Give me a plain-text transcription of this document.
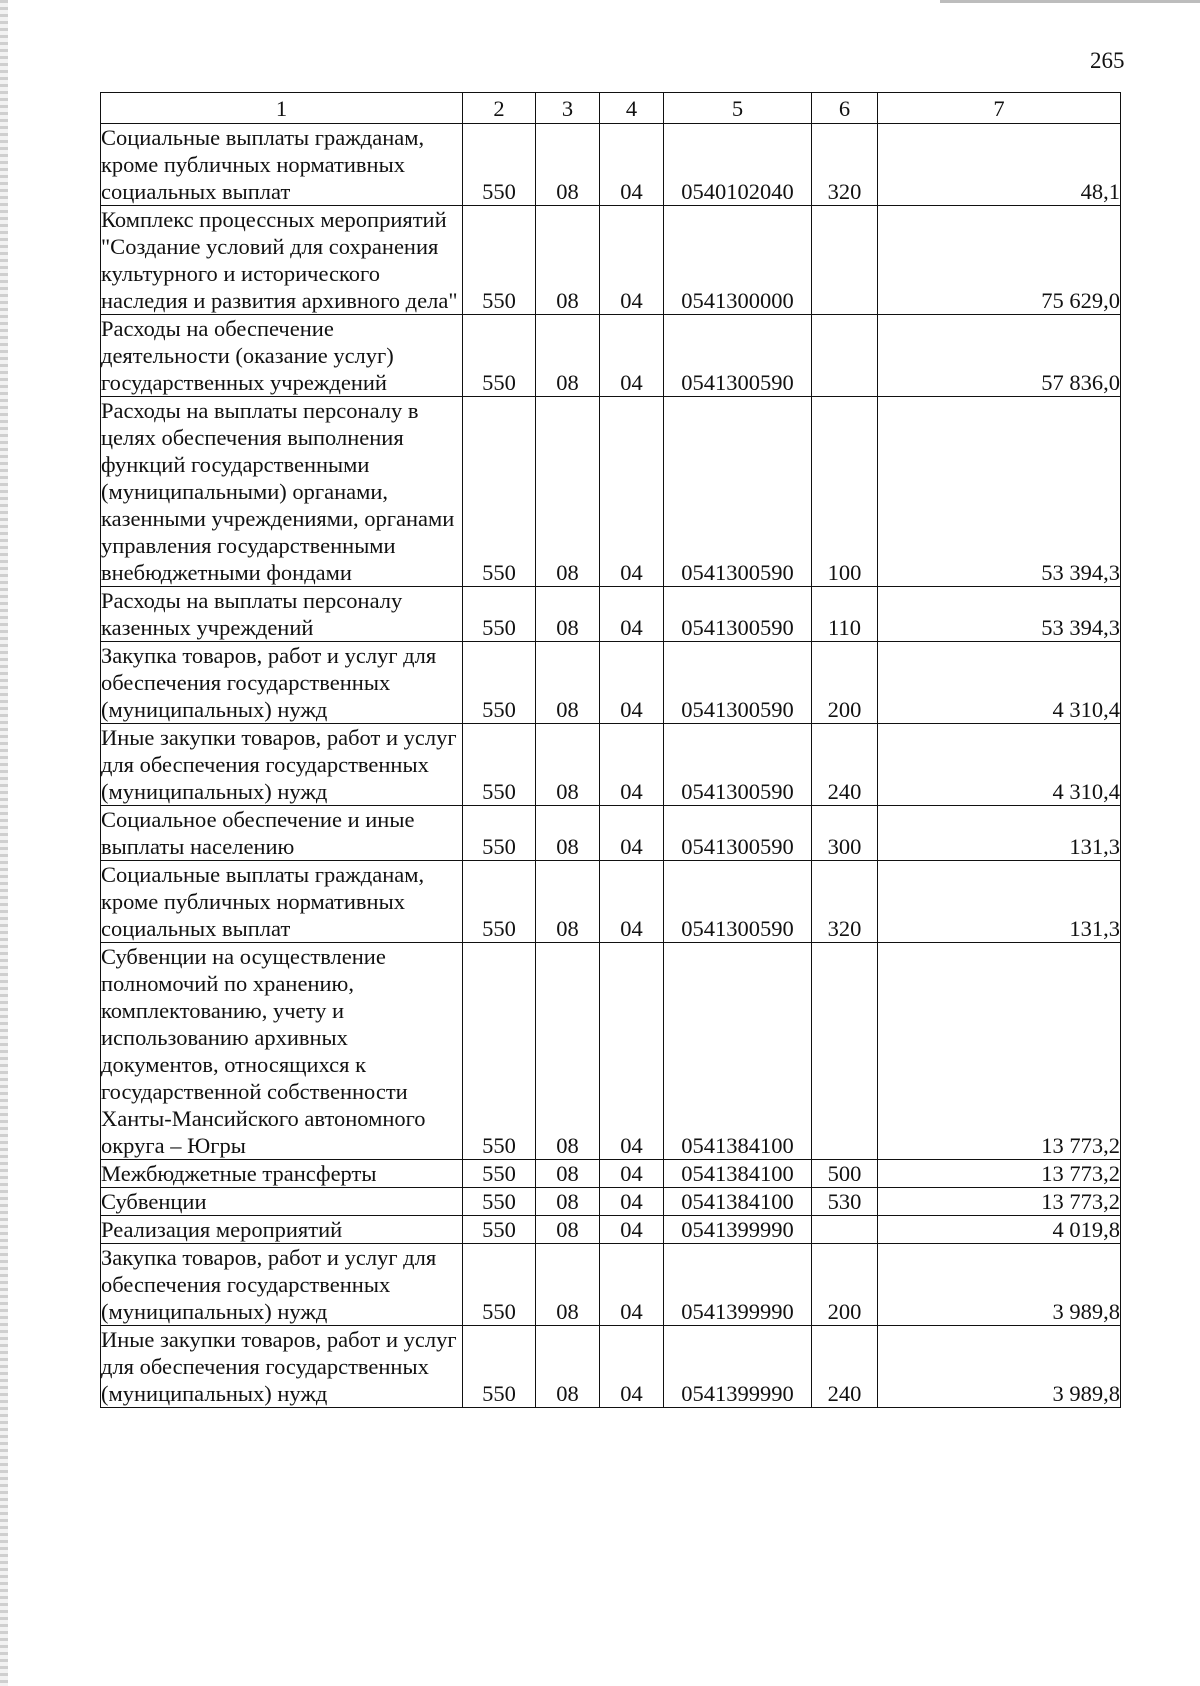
265
1	2	3	4	5	6	7
Социальные выплаты гражданам, кроме публичных нормативных социальных выплат	550	08	04	0540102040	320	48,1
Комплекс процессных мероприятий "Создание условий для сохранения культурного и исторического наследия и развития архивного дела"	550	08	04	0541300000		75 629,0
Расходы на обеспечение деятельности (оказание услуг) государственных учреждений	550	08	04	0541300590		57 836,0
Расходы на выплаты персоналу в целях обеспечения выполнения функций государственными (муниципальными) органами, казенными учреждениями, органами управления государственными внебюджетными фондами	550	08	04	0541300590	100	53 394,3
Расходы на выплаты персоналу казенных учреждений	550	08	04	0541300590	110	53 394,3
Закупка товаров, работ и услуг для обеспечения государственных (муниципальных) нужд	550	08	04	0541300590	200	4 310,4
Иные закупки товаров, работ и услуг для обеспечения государственных (муниципальных) нужд	550	08	04	0541300590	240	4 310,4
Социальное обеспечение и иные выплаты населению	550	08	04	0541300590	300	131,3
Социальные выплаты гражданам, кроме публичных нормативных социальных выплат	550	08	04	0541300590	320	131,3
Субвенции на осуществление полномочий по хранению, комплектованию, учету и использованию архивных документов, относящихся к государственной собственности Ханты-Мансийского автономного округа – Югры	550	08	04	0541384100		13 773,2
Межбюджетные трансферты	550	08	04	0541384100	500	13 773,2
Субвенции	550	08	04	0541384100	530	13 773,2
Реализация мероприятий	550	08	04	0541399990		4 019,8
Закупка товаров, работ и услуг для обеспечения государственных (муниципальных) нужд	550	08	04	0541399990	200	3 989,8
Иные закупки товаров, работ и услуг для обеспечения государственных (муниципальных) нужд	550	08	04	0541399990	240	3 989,8
